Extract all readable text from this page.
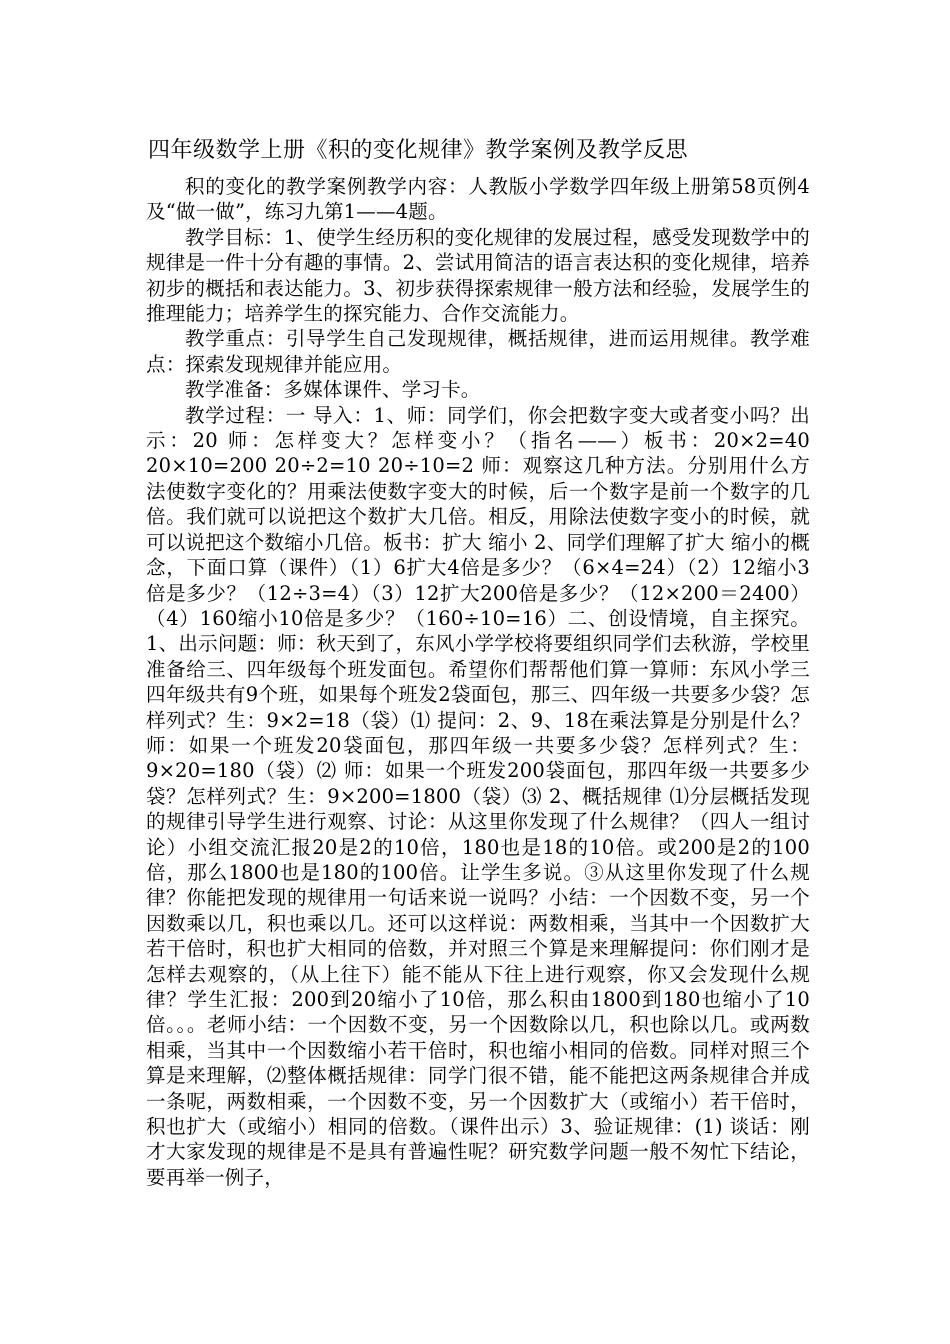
四年级数学上册《积的变化规律》教学案例及教学反思

积的变化的教学案例教学内容：人教版小学数学四年级上册第58页例4及“做一做”，练习九第1——4题。

教学目标：1、使学生经历积的变化规律的发展过程，感受发现数学中的规律是一件十分有趣的事情。2、尝试用简洁的语言表达积的变化规律，培养初步的概括和表达能力。3、初步获得探索规律一般方法和经验，发展学生的推理能力；培养学生的探究能力、合作交流能力。

教学重点：引导学生自己发现规律，概括规律，进而运用规律。教学难点：探索发现规律并能应用。

教学准备：多媒体课件、学习卡。

教学过程：一 导入：1、师：同学们，你会把数字变大或者变小吗？出示：20 师：怎样变大？怎样变小？（指名——）板书：20×2=40 20×10=200 20÷2=10 20÷10=2 师：观察这几种方法。分别用什么方法使数字变化的？用乘法使数字变大的时候，后一个数字是前一个数字的几倍。我们就可以说把这个数扩大几倍。相反，用除法使数字变小的时候，就可以说把这个数缩小几倍。板书：扩大 缩小 2、同学们理解了扩大 缩小的概念，下面口算（课件）（1）6扩大4倍是多少？（6×4=24）（2）12缩小3倍是多少？（12÷3=4）（3）12扩大200倍是多少？（12×200＝2400）（4）160缩小10倍是多少？（160÷10=16）二、创设情境，自主探究。1、出示问题：师：秋天到了，东风小学学校将要组织同学们去秋游，学校里准备给三、四年级每个班发面包。希望你们帮帮他们算一算师：东风小学三四年级共有9个班，如果每个班发2袋面包，那三、四年级一共要多少袋？怎样列式？生：9×2=18（袋）⑴ 提问：2、9、18在乘法算是分别是什么？师：如果一个班发20袋面包，那四年级一共要多少袋？怎样列式？生：9×20=180（袋）⑵ 师：如果一个班发200袋面包，那四年级一共要多少袋？怎样列式？生：9×200=1800（袋）⑶ 2、概括规律 ⑴分层概括发现的规律引导学生进行观察、讨论：从这里你发现了什么规律？（四人一组讨论）小组交流汇报20是2的10倍，180也是18的10倍。或200是2的100倍，那么1800也是180的100倍。让学生多说。③从这里你发现了什么规律？你能把发现的规律用一句话来说一说吗？小结：一个因数不变，另一个因数乘以几，积也乘以几。还可以这样说：两数相乘，当其中一个因数扩大若干倍时，积也扩大相同的倍数，并对照三个算是来理解提问：你们刚才是怎样去观察的，（从上往下）能不能从下往上进行观察，你又会发现什么规律？学生汇报：200到20缩小了10倍，那么积由1800到180也缩小了10倍。。。老师小结：一个因数不变，另一个因数除以几，积也除以几。或两数相乘，当其中一个因数缩小若干倍时，积也缩小相同的倍数。同样对照三个算是来理解，⑵整体概括规律：同学门很不错，能不能把这两条规律合并成一条呢，两数相乘，一个因数不变，另一个因数扩大（或缩小）若干倍时，积也扩大（或缩小）相同的倍数。（课件出示）3、验证规律：(1) 谈话：刚才大家发现的规律是不是具有普遍性呢？研究数学问题一般不匆忙下结论，要再举一例子，
